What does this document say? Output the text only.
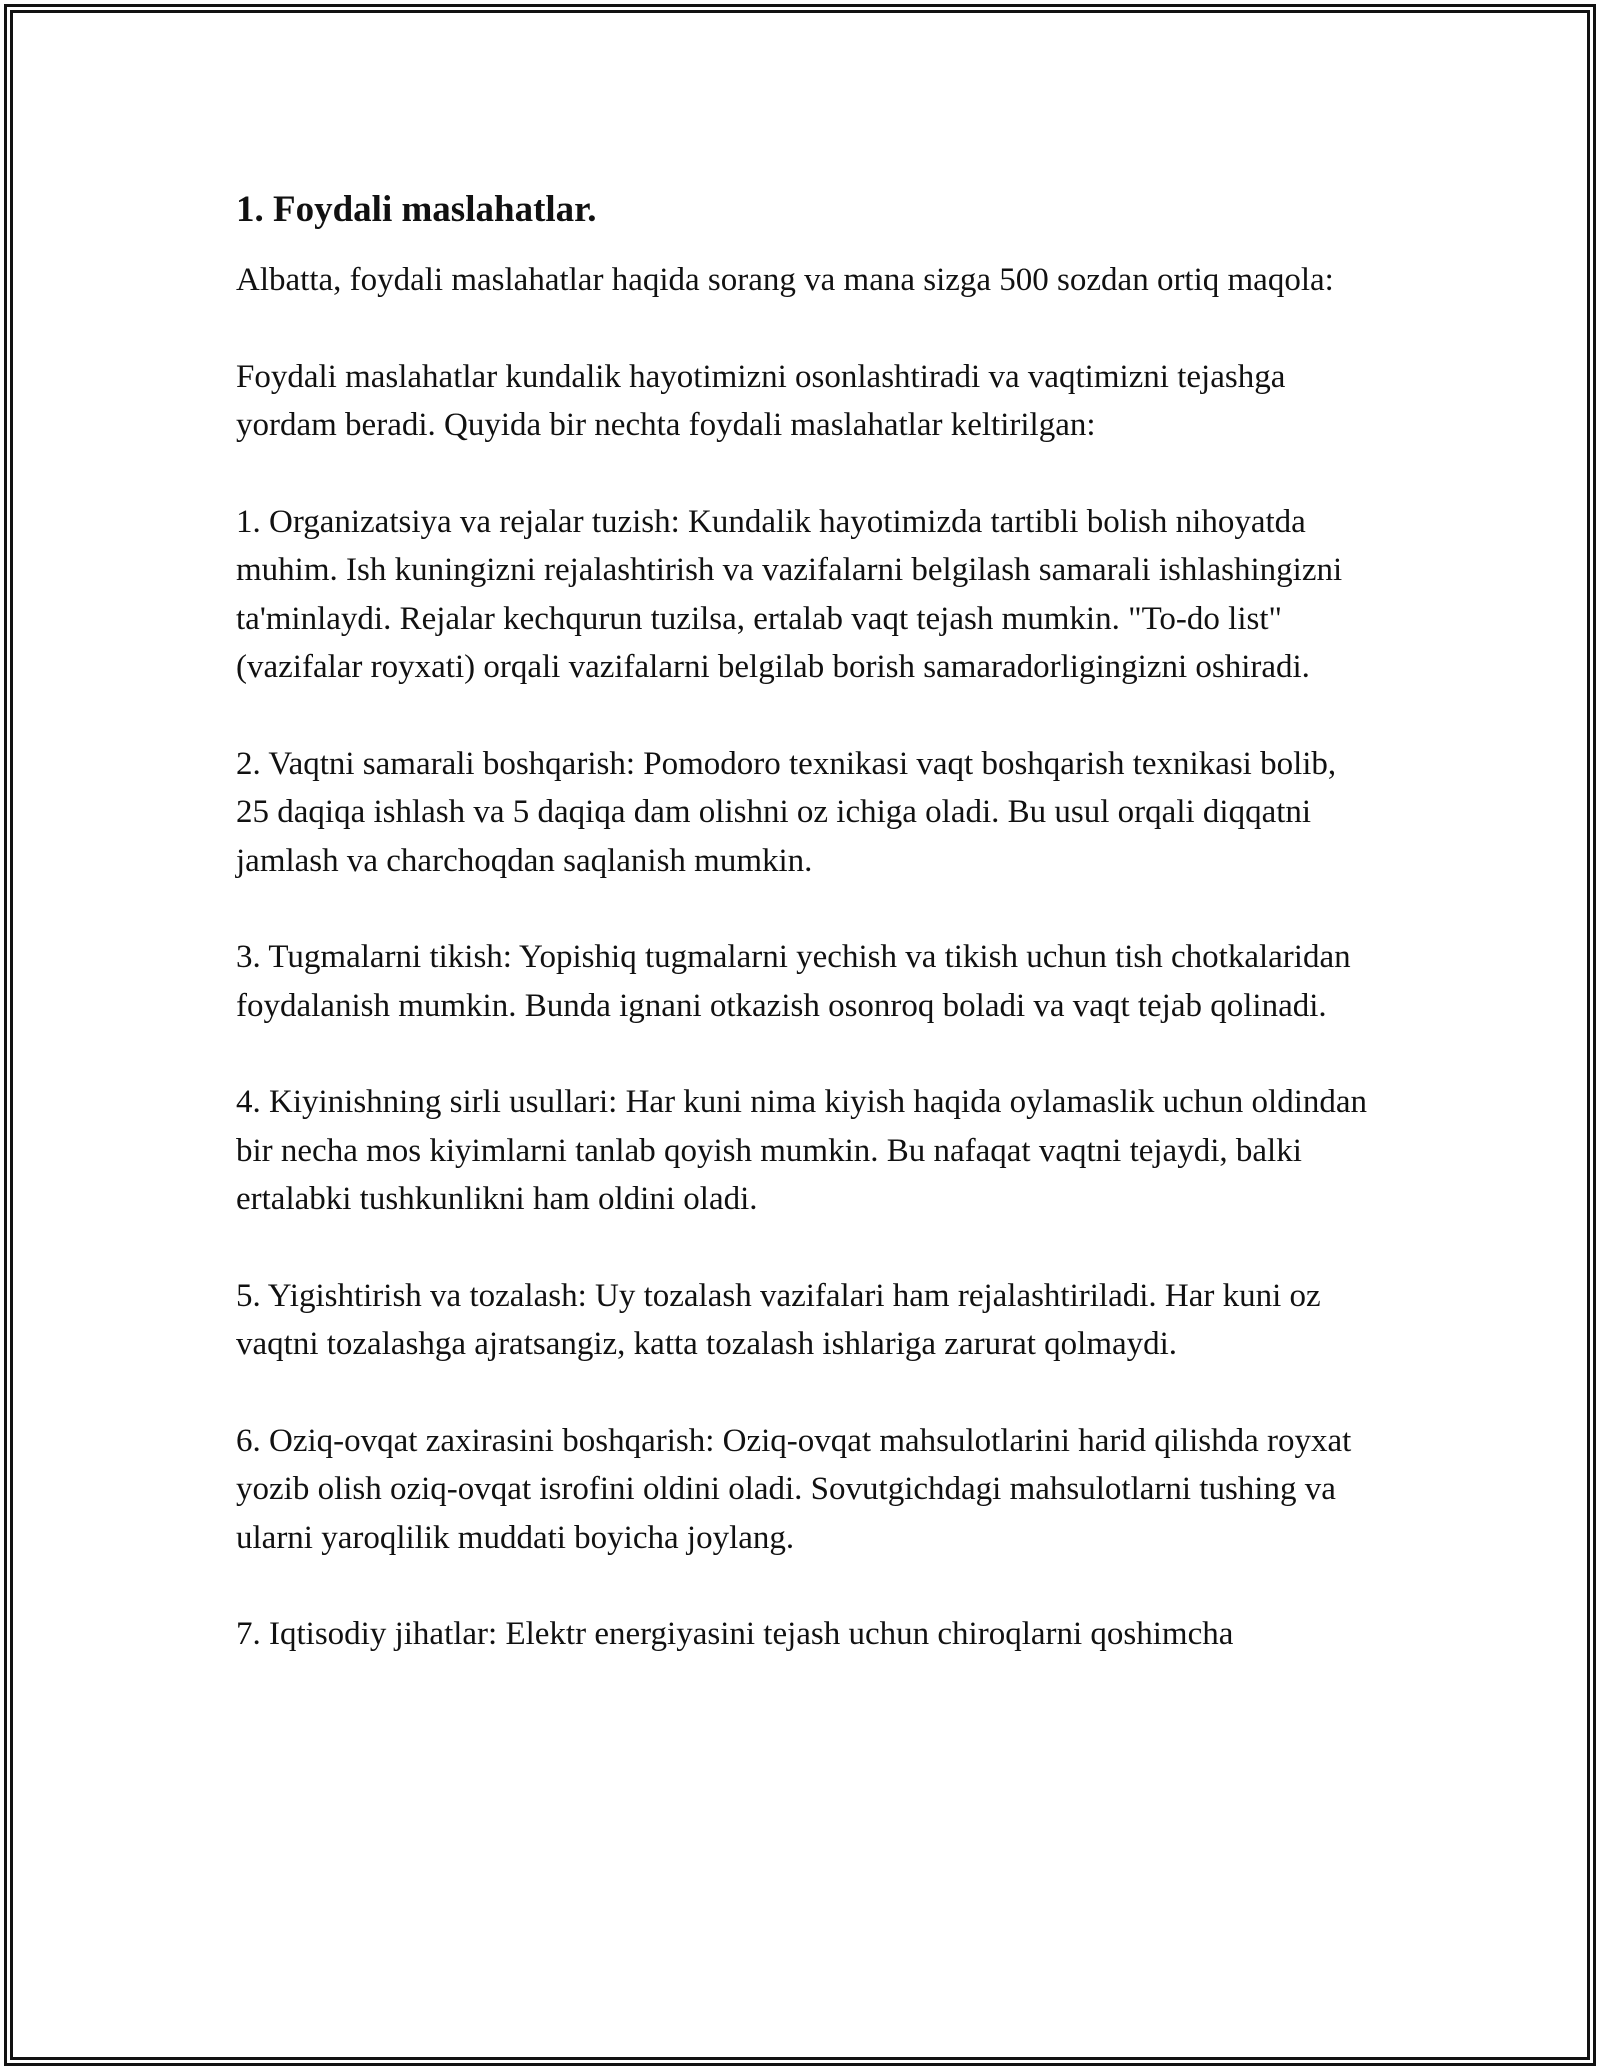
1. Foydali maslahatlar.

Albatta, foydali maslahatlar haqida sorang va mana sizga 500 sozdan ortiq maqola:

Foydali maslahatlar kundalik hayotimizni osonlashtiradi va vaqtimizni tejashga yordam beradi. Quyida bir nechta foydali maslahatlar keltirilgan:

1. Organizatsiya va rejalar tuzish: Kundalik hayotimizda tartibli bolish nihoyatda muhim. Ish kuningizni rejalashtirish va vazifalarni belgilash samarali ishlashingizni ta'minlaydi. Rejalar kechqurun tuzilsa, ertalab vaqt tejash mumkin. "To-do list" (vazifalar royxati) orqali vazifalarni belgilab borish samaradorligingizni oshiradi.

2. Vaqtni samarali boshqarish: Pomodoro texnikasi vaqt boshqarish texnikasi bolib, 25 daqiqa ishlash va 5 daqiqa dam olishni oz ichiga oladi. Bu usul orqali diqqatni jamlash va charchoqdan saqlanish mumkin.

3. Tugmalarni tikish: Yopishiq tugmalarni yechish va tikish uchun tish chotkalaridan foydalanish mumkin. Bunda ignani otkazish osonroq boladi va vaqt tejab qolinadi.

4. Kiyinishning sirli usullari: Har kuni nima kiyish haqida oylamaslik uchun oldindan bir necha mos kiyimlarni tanlab qoyish mumkin. Bu nafaqat vaqtni tejaydi, balki ertalabki tushkunlikni ham oldini oladi.

5. Yigishtirish va tozalash: Uy tozalash vazifalari ham rejalashtiriladi. Har kuni oz vaqtni tozalashga ajratsangiz, katta tozalash ishlariga zarurat qolmaydi.

6. Oziq-ovqat zaxirasini boshqarish: Oziq-ovqat mahsulotlarini harid qilishda royxat yozib olish oziq-ovqat isrofini oldini oladi. Sovutgichdagi mahsulotlarni tushing va ularni yaroqlilik muddati boyicha joylang.

7. Iqtisodiy jihatlar: Elektr energiyasini tejash uchun chiroqlarni qoshimcha
